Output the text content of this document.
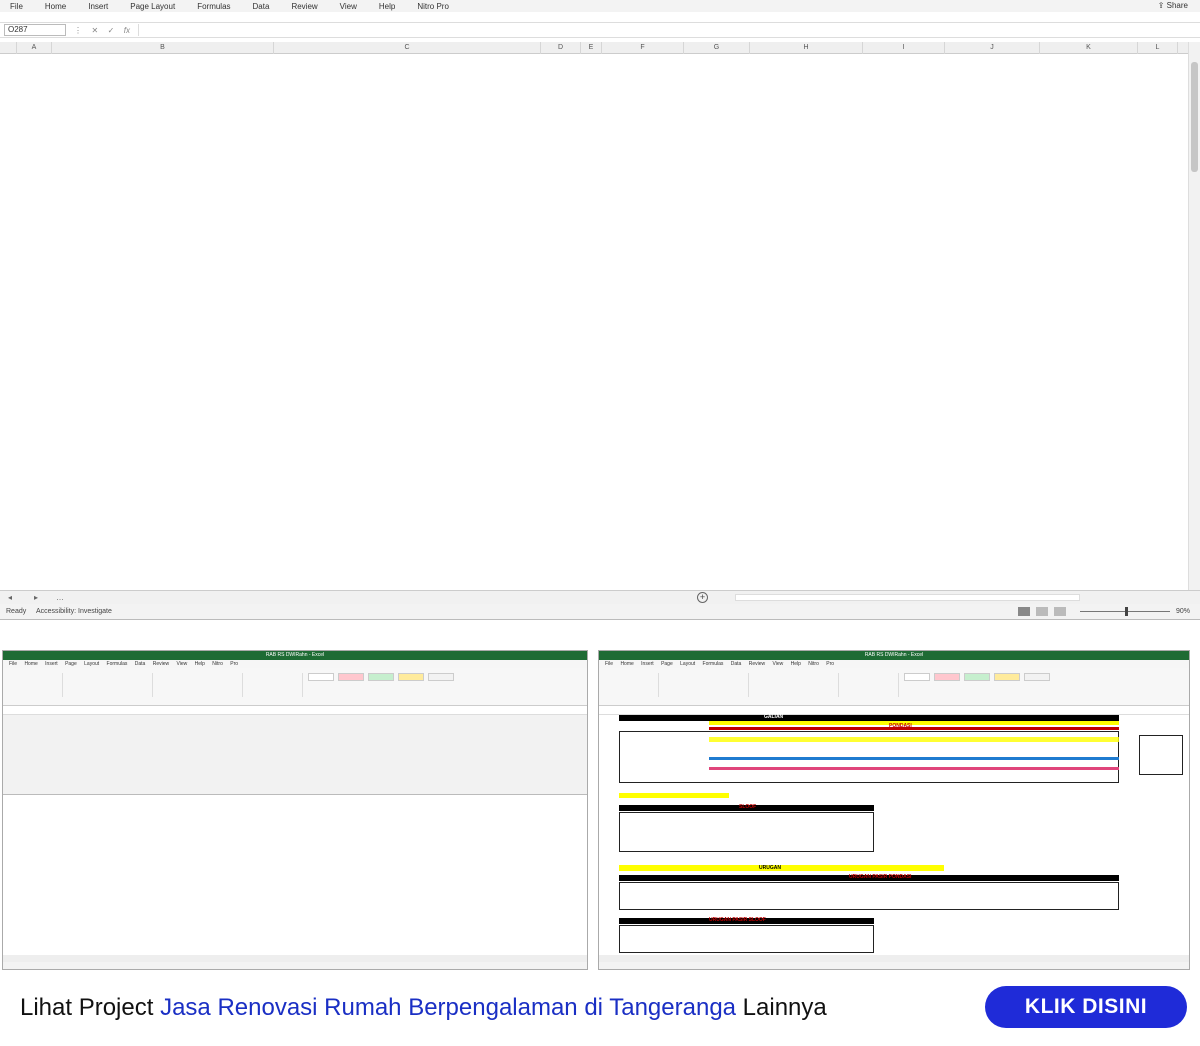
File	Home	Insert	Page Layout	Formulas	Data	Review	View	Help	Nitro Pro	⇪ Share
O287	⋮ ✕ ✓ fx
A	B	C	D	E	F	G	H	I	J	K	L
◂	▸ …	+
Ready Accessibility: Investigate	90%
RAB RS DWIRahn - Excel
File Home Insert Page Layout Formulas Data Review View Help Nitro Pro
RAB RS DWIRahn - Excel
File Home Insert Page Layout Formulas Data Review View Help Nitro Pro
GALIAN
PONDASI
SLOOF
URUGAN
URUGAN PASIR PONDASI
URUGAN PASIR SLOOF
Lihat Project Jasa Renovasi Rumah Berpengalaman di Tangeranga Lainnya	KLIK DISINI
